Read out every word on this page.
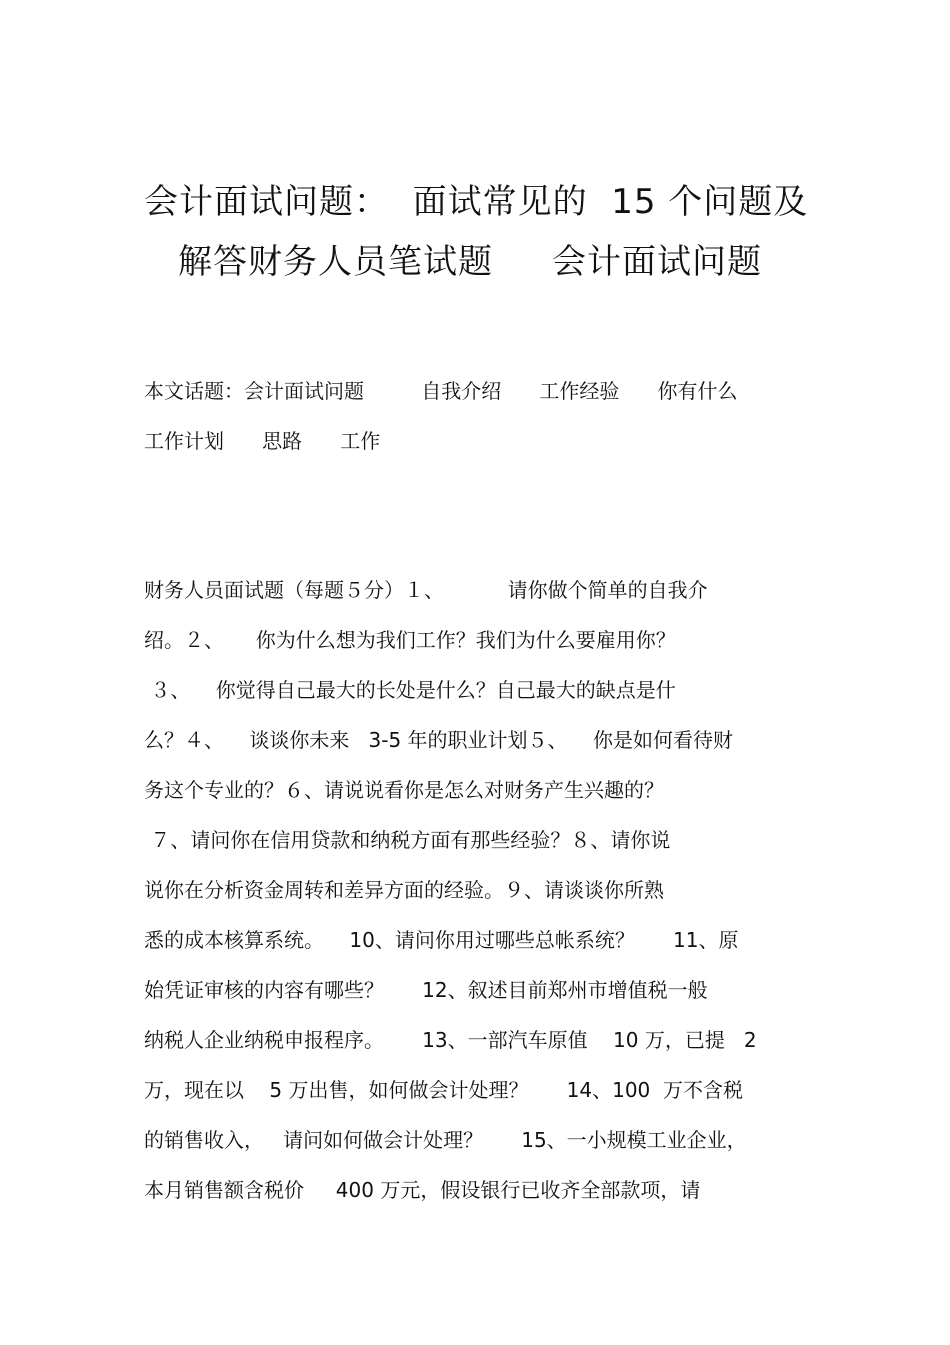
会计面试问题：  面试常见的  15 个问题及
解答财务人员笔试题     会计面试问题
本文话题：会计面试问题         自我介绍      工作经验      你有什么
工作计划      思路      工作
财务人员面试题（每题５分）１、          请你做个简单的自我介
绍。２、     你为什么想为我们工作？我们为什么要雇用你？
３、    你觉得自己最大的长处是什么？自己最大的缺点是什
么？４、    谈谈你未来   3-5 年的职业计划５、    你是如何看待财
务这个专业的？６、请说说看你是怎么对财务产生兴趣的？
７、请问你在信用贷款和纳税方面有那些经验？８、请你说
说你在分析资金周转和差异方面的经验。９、请谈谈你所熟
悉的成本核算系统。    10、请问你用过哪些总帐系统？      11、原
始凭证审核的内容有哪些？      12、叙述目前郑州市增值税一般
纳税人企业纳税申报程序。      13、一部汽车原值    10 万，已提   2
万，现在以    5 万出售，如何做会计处理？      14、100  万不含税
的销售收入，   请问如何做会计处理？      15、一小规模工业企业，
本月销售额含税价     400 万元，假设银行已收齐全部款项，请
